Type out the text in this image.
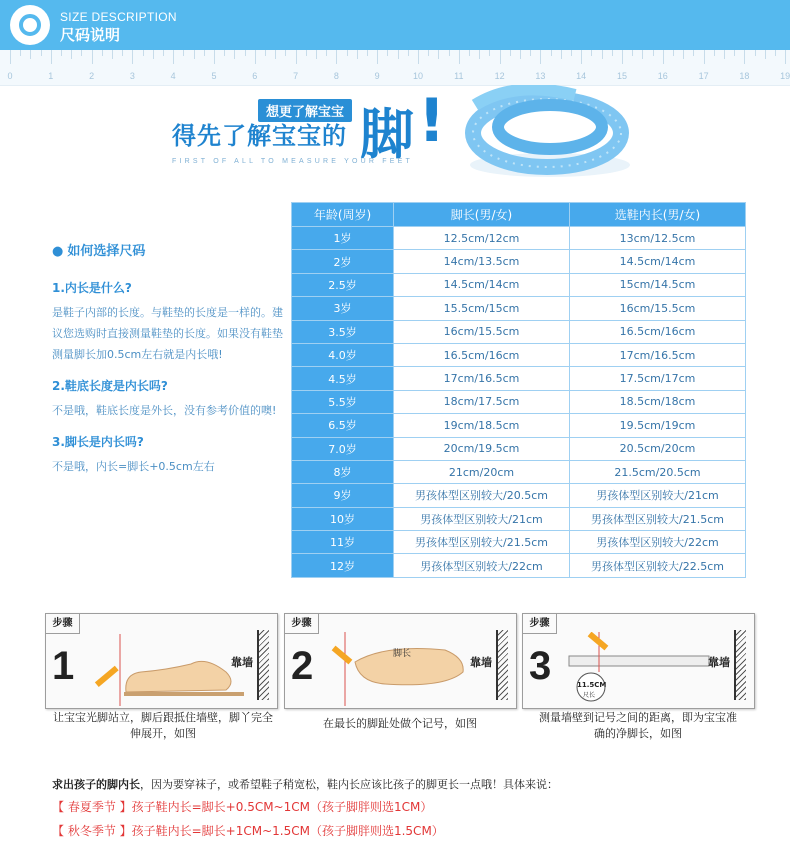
SIZE DESCRIPTION
尺码说明
0	1	2	3	4	5	6	7	8	9	10	11	12	13	14	15	16	17	18	19
想更了解宝宝
得先了解宝宝的 脚 !
FIRST OF ALL TO MEASURE YOUR FEET
● 如何选择尺码
1.内长是什么?
是鞋子内部的长度。与鞋垫的长度是一样的。建议您选购时直接测量鞋垫的长度。如果没有鞋垫测量脚长加0.5cm左右就是内长哦!
2.鞋底长度是内长吗?
不是哦，鞋底长度是外长，没有参考价值的噢!
3.脚长是内长吗?
不是哦，内长=脚长+0.5cm左右
年龄(周岁)	脚长(男/女)	选鞋内长(男/女)
1岁	12.5cm/12cm	13cm/12.5cm
2岁	14cm/13.5cm	14.5cm/14cm
2.5岁	14.5cm/14cm	15cm/14.5cm
3岁	15.5cm/15cm	16cm/15.5cm
3.5岁	16cm/15.5cm	16.5cm/16cm
4.0岁	16.5cm/16cm	17cm/16.5cm
4.5岁	17cm/16.5cm	17.5cm/17cm
5.5岁	18cm/17.5cm	18.5cm/18cm
6.5岁	19cm/18.5cm	19.5cm/19cm
7.0岁	20cm/19.5cm	20.5cm/20cm
8岁	21cm/20cm	21.5cm/20.5cm
9岁	男孩体型区别较大/20.5cm	男孩体型区别较大/21cm
10岁	男孩体型区别较大/21cm	男孩体型区别较大/21.5cm
11岁	男孩体型区别较大/21.5cm	男孩体型区别较大/22cm
12岁	男孩体型区别较大/22cm	男孩体型区别较大/22.5cm
步骤
1	靠墙
步骤
2	脚长
靠墙
步骤
3	11.5CM
尺长
靠墙
让宝宝光脚站立，脚后跟抵住墙壁，脚丫完全伸展开，如图
在最长的脚趾处做个记号，如图	测量墙壁到记号之间的距离，即为宝宝准确的净脚长，如图
求出孩子的脚内长，因为要穿袜子，或希望鞋子稍宽松，鞋内长应该比孩子的脚更长一点哦！具体来说：
【 春夏季节 】孩子鞋内长=脚长+0.5CM~1CM（孩子脚胖则选1CM）
【 秋冬季节 】孩子鞋内长=脚长+1CM~1.5CM（孩子脚胖则选1.5CM）
